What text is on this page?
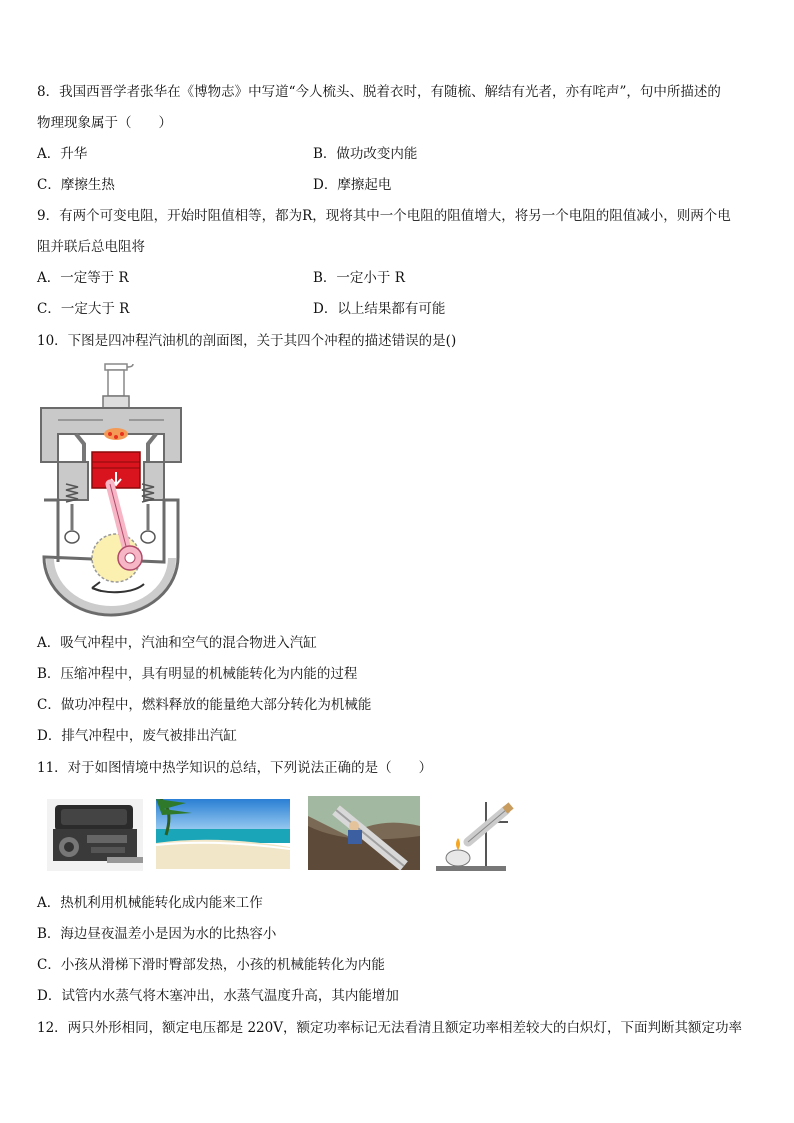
8．我国西晋学者张华在《博物志》中写道“今人梳头、脱着衣时，有随梳、解结有光者，亦有咤声”，句中所描述的
物理现象属于（　　）
A．升华	B．做功改变内能
C．摩擦生热	D．摩擦起电
9．有两个可变电阻，开始时阻值相等，都为R，现将其中一个电阻的阻值增大，将另一个电阻的阻值减小，则两个电
阻并联后总电阻将
A．一定等于 R	B．一定小于 R
C．一定大于 R	D．以上结果都有可能
10．下图是四冲程汽油机的剖面图，关于其四个冲程的描述错误的是()
A．吸气冲程中，汽油和空气的混合物进入汽缸
B．压缩冲程中，具有明显的机械能转化为内能的过程
C．做功冲程中，燃料释放的能量绝大部分转化为机械能
D．排气冲程中，废气被排出汽缸
11．对于如图情境中热学知识的总结，下列说法正确的是（　　）
A．热机利用机械能转化成内能来工作
B．海边昼夜温差小是因为水的比热容小
C．小孩从滑梯下滑时臀部发热，小孩的机械能转化为内能
D．试管内水蒸气将木塞冲出，水蒸气温度升高，其内能增加
12．两只外形相同，额定电压都是 220V，额定功率标记无法看清且额定功率相差较大的白炽灯，下面判断其额定功率
